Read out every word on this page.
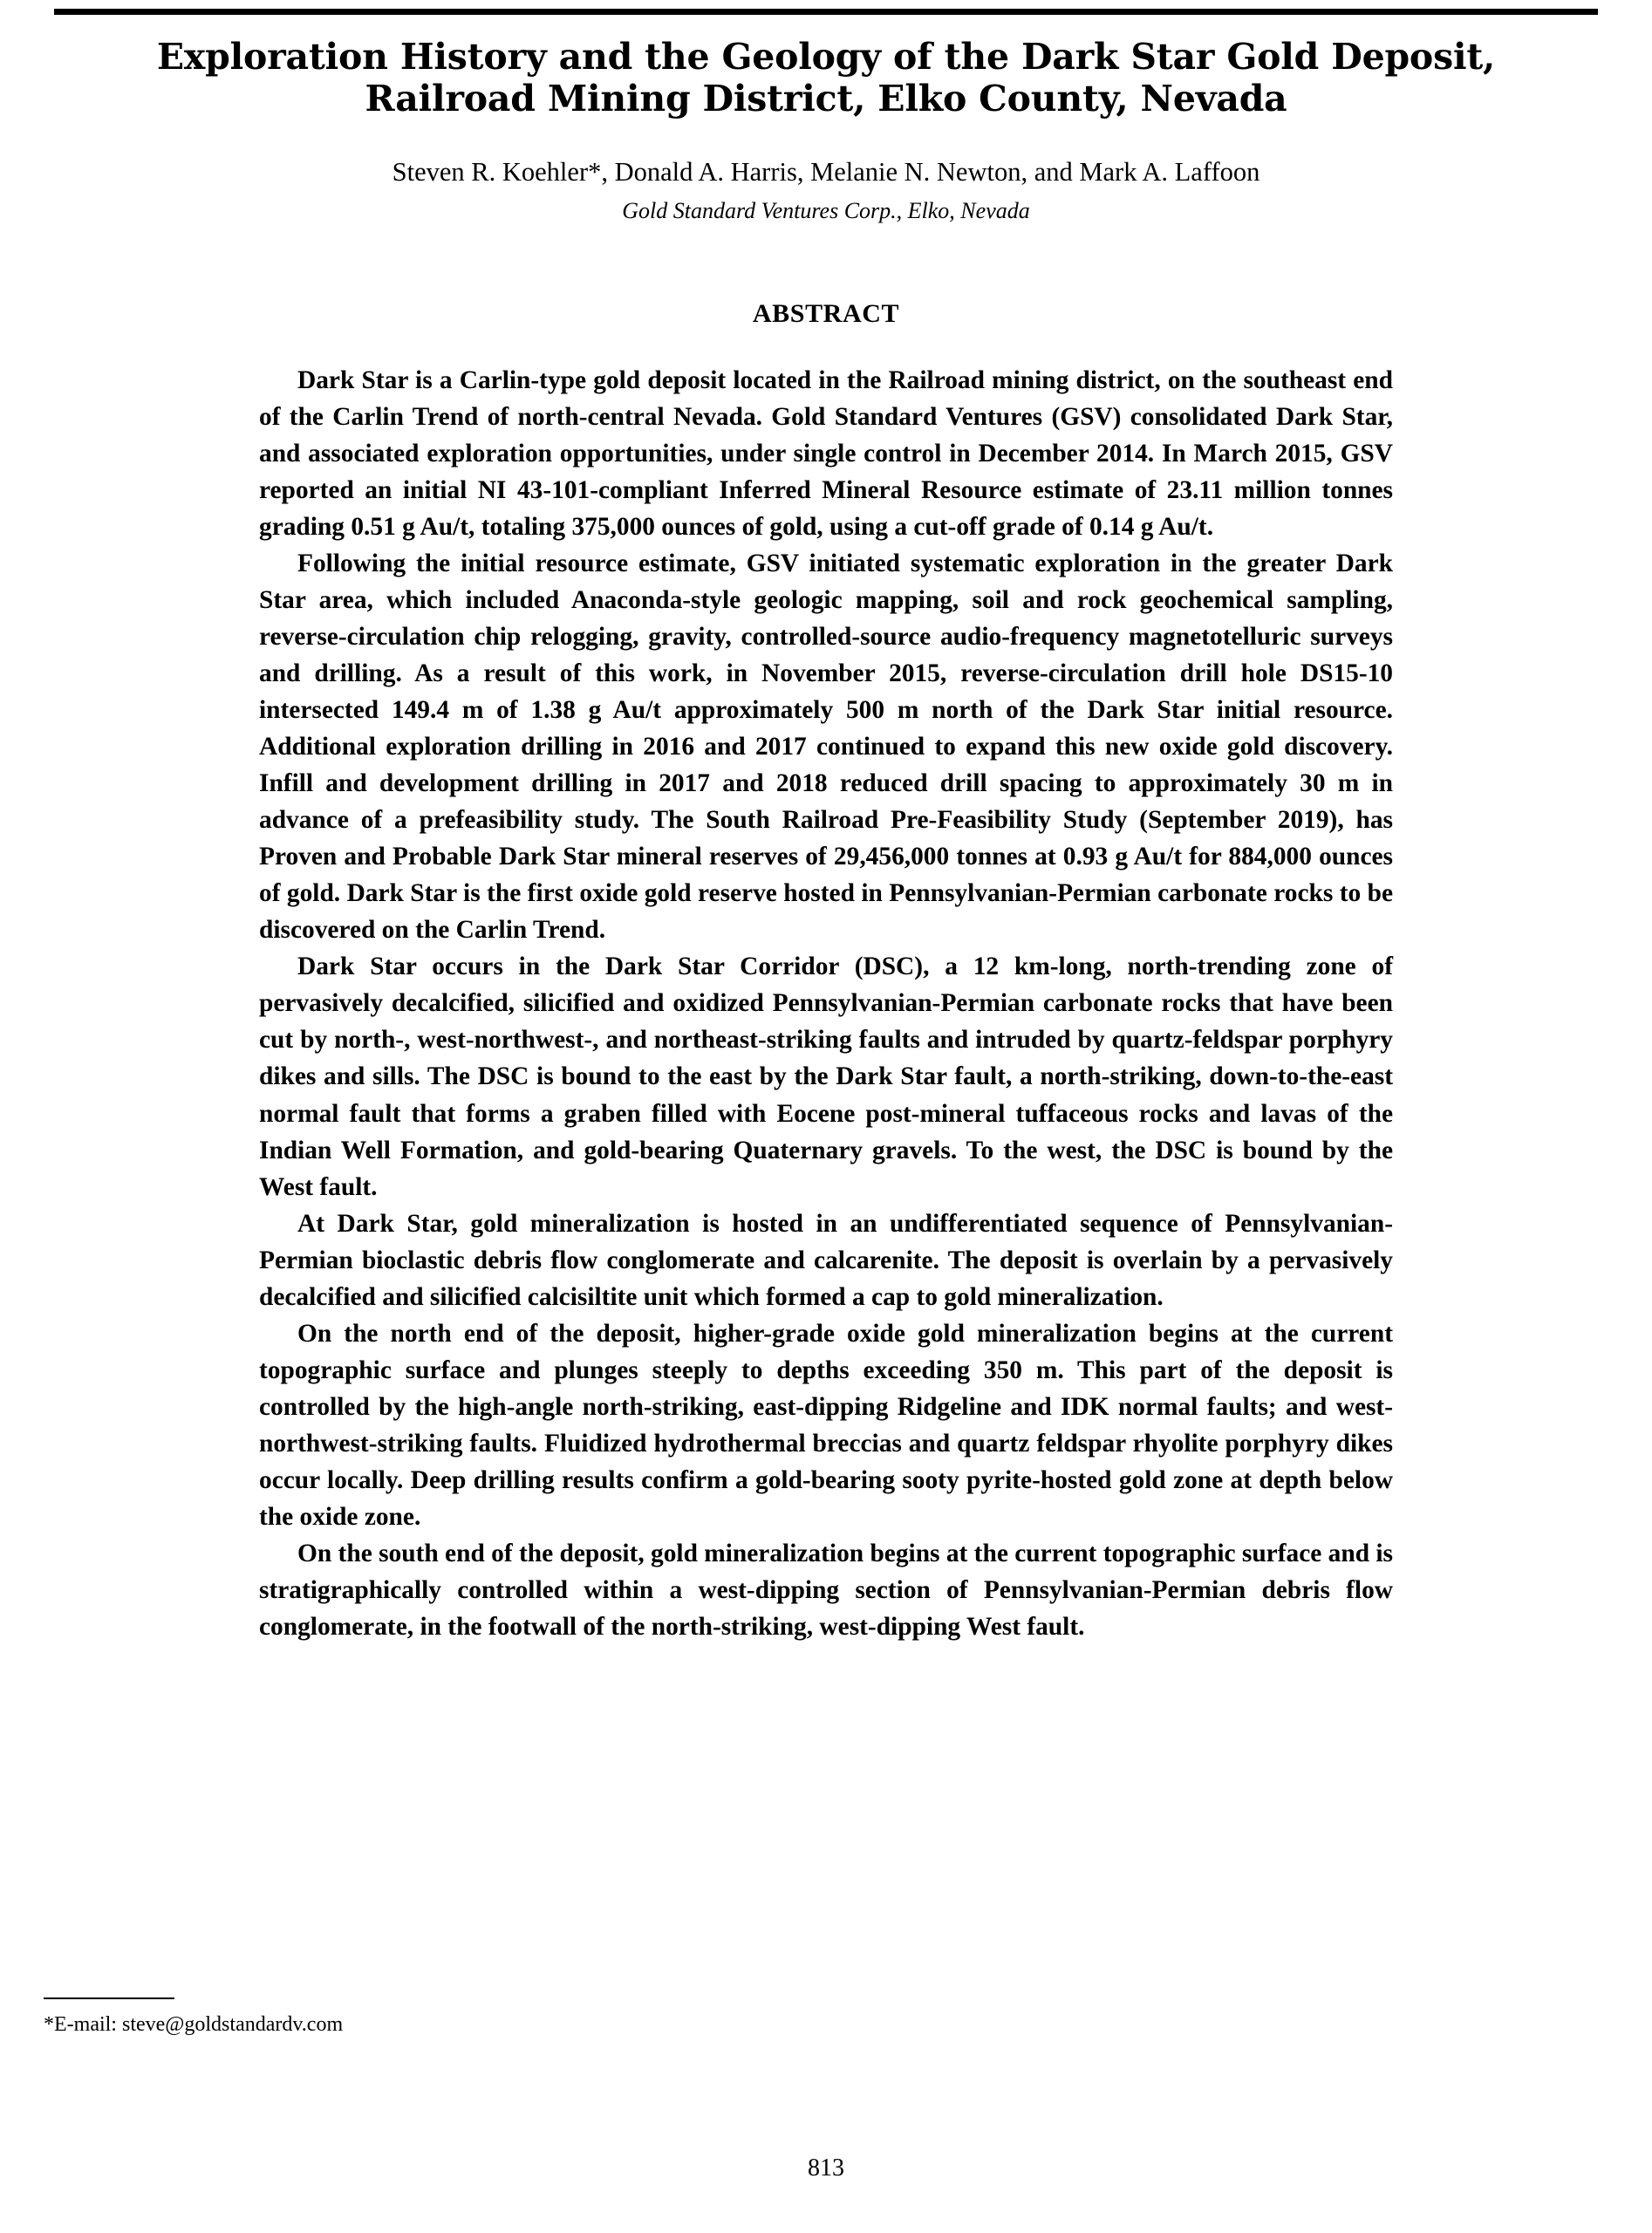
Exploration History and the Geology of the Dark Star Gold Deposit, Railroad Mining District, Elko County, Nevada
Steven R. Koehler*, Donald A. Harris, Melanie N. Newton, and Mark A. Laffoon
Gold Standard Ventures Corp., Elko, Nevada
ABSTRACT

Dark Star is a Carlin-type gold deposit located in the Railroad mining district, on the southeast end of the Carlin Trend of north-central Nevada. Gold Standard Ventures (GSV) consolidated Dark Star, and associated exploration opportunities, under single control in December 2014. In March 2015, GSV reported an initial NI 43-101-compliant Inferred Mineral Resource estimate of 23.11 million tonnes grading 0.51 g Au/t, totaling 375,000 ounces of gold, using a cut-off grade of 0.14 g Au/t.

Following the initial resource estimate, GSV initiated systematic exploration in the greater Dark Star area, which included Anaconda-style geologic mapping, soil and rock geochemical sampling, reverse-circulation chip relogging, gravity, controlled-source audio-frequency magnetotelluric surveys and drilling. As a result of this work, in November 2015, reverse-circulation drill hole DS15-10 intersected 149.4 m of 1.38 g Au/t approximately 500 m north of the Dark Star initial resource. Additional exploration drilling in 2016 and 2017 continued to expand this new oxide gold discovery. Infill and development drilling in 2017 and 2018 reduced drill spacing to approximately 30 m in advance of a prefeasibility study. The South Railroad Pre-Feasibility Study (September 2019), has Proven and Probable Dark Star mineral reserves of 29,456,000 tonnes at 0.93 g Au/t for 884,000 ounces of gold. Dark Star is the first oxide gold reserve hosted in Pennsylvanian-Permian carbonate rocks to be discovered on the Carlin Trend.

Dark Star occurs in the Dark Star Corridor (DSC), a 12 km-long, north-trending zone of pervasively decalcified, silicified and oxidized Pennsylvanian-Permian carbonate rocks that have been cut by north-, west-northwest-, and northeast-striking faults and intruded by quartz-feldspar porphyry dikes and sills. The DSC is bound to the east by the Dark Star fault, a north-striking, down-to-the-east normal fault that forms a graben filled with Eocene post-mineral tuffaceous rocks and lavas of the Indian Well Formation, and gold-bearing Quaternary gravels. To the west, the DSC is bound by the West fault.

At Dark Star, gold mineralization is hosted in an undifferentiated sequence of Pennsylvanian-Permian bioclastic debris flow conglomerate and calcarenite. The deposit is overlain by a pervasively decalcified and silicified calcisiltite unit which formed a cap to gold mineralization.

On the north end of the deposit, higher-grade oxide gold mineralization begins at the current topographic surface and plunges steeply to depths exceeding 350 m. This part of the deposit is controlled by the high-angle north-striking, east-dipping Ridgeline and IDK normal faults; and west-northwest-striking faults. Fluidized hydrothermal breccias and quartz feldspar rhyolite porphyry dikes occur locally. Deep drilling results confirm a gold-bearing sooty pyrite-hosted gold zone at depth below the oxide zone.

On the south end of the deposit, gold mineralization begins at the current topographic surface and is stratigraphically controlled within a west-dipping section of Pennsylvanian-Permian debris flow conglomerate, in the footwall of the north-striking, west-dipping West fault.

*E-mail: steve@goldstandardv.com
813
